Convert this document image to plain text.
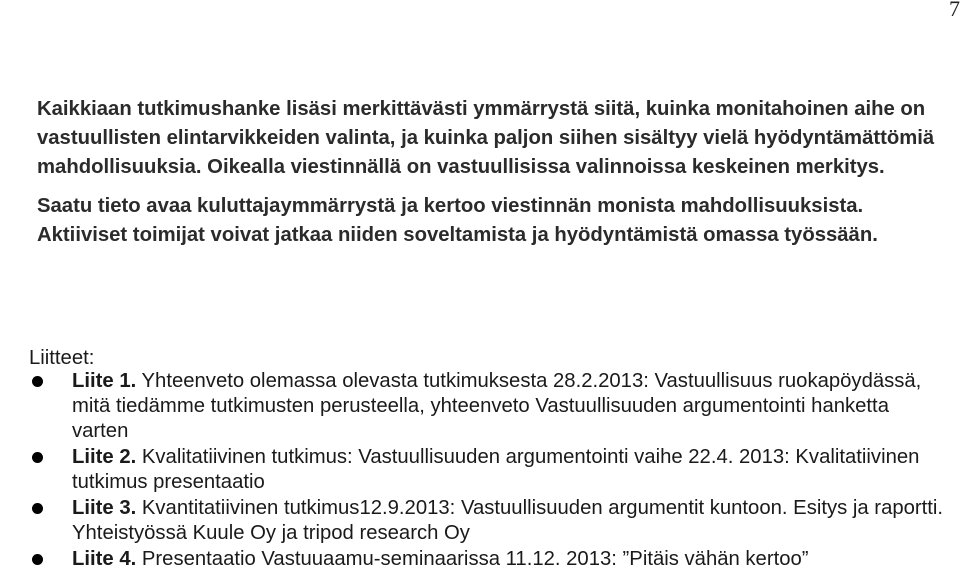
7

Kaikkiaan tutkimushanke lisäsi merkittävästi ymmärrystä siitä, kuinka monitahoinen aihe on vastuullisten elintarvikkeiden valinta, ja kuinka paljon siihen sisältyy vielä hyödyntämättömiä mahdollisuuksia. Oikealla viestinnällä on vastuullisissa valinnoissa keskeinen merkitys.

Saatu tieto avaa kuluttajaymmärrystä ja kertoo viestinnän monista mahdollisuuksista. Aktiiviset toimijat voivat jatkaa niiden soveltamista ja hyödyntämistä omassa työssään.

Liitteet:

Liite 1. Yhteenveto olemassa olevasta tutkimuksesta 28.2.2013: Vastuullisuus ruokapöydässä, mitä tiedämme tutkimusten perusteella, yhteenveto Vastuullisuuden argumentointi hanketta varten
Liite 2. Kvalitatiivinen tutkimus: Vastuullisuuden argumentointi vaihe 22.4. 2013: Kvalitatiivinen tutkimus presentaatio
Liite 3. Kvantitatiivinen tutkimus12.9.2013: Vastuullisuuden argumentit kuntoon. Esitys ja raportti. Yhteistyössä Kuule Oy ja tripod research Oy
Liite 4. Presentaatio Vastuuaamu-seminaarissa 11.12. 2013: ”Pitäis vähän kertoo”
